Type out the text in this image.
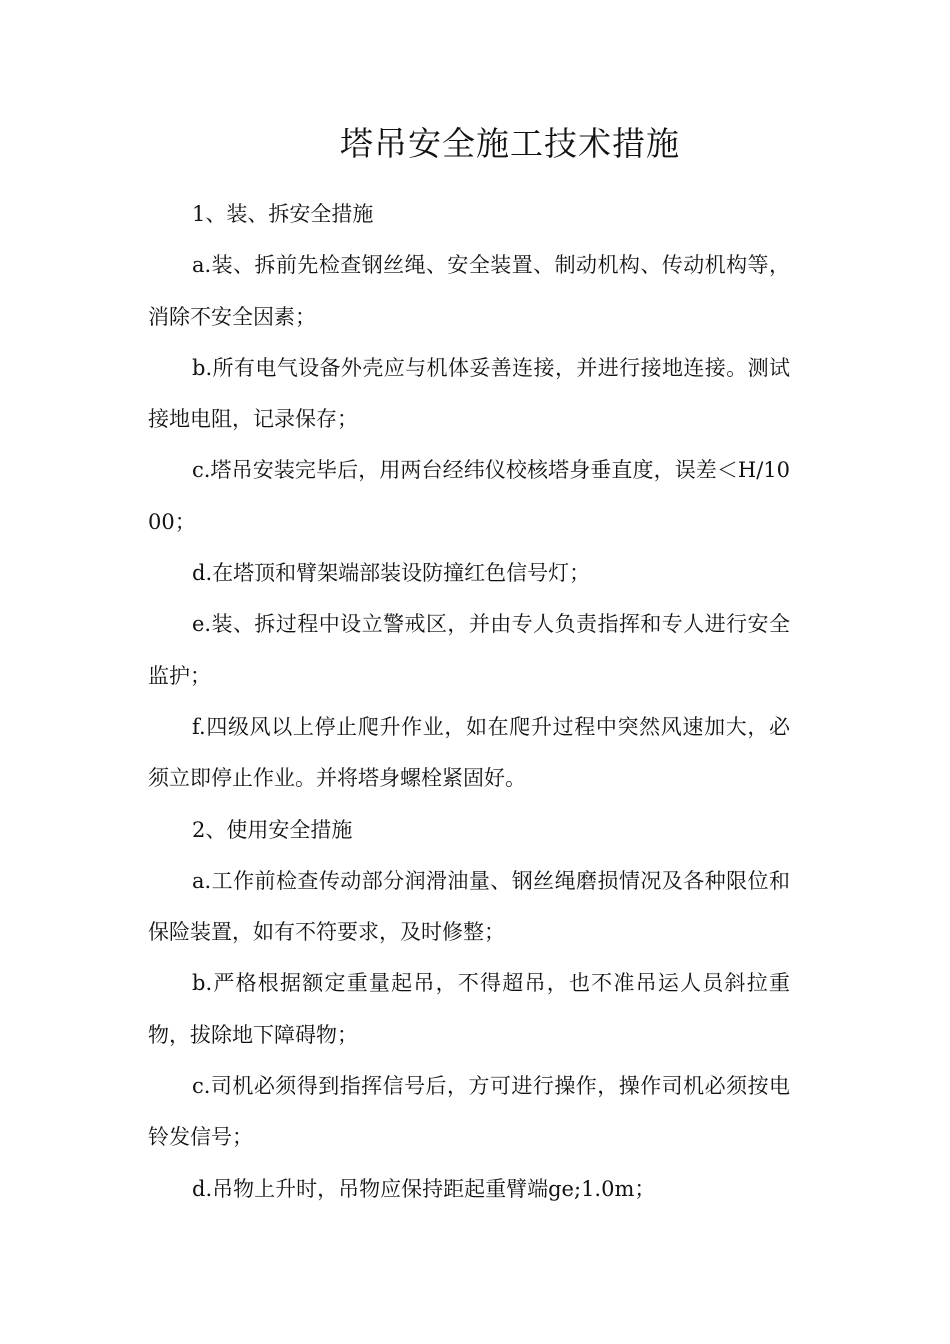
塔吊安全施工技术措施

1、装、拆安全措施

a.装、拆前先检查钢丝绳、安全装置、制动机构、传动机构等，消除不安全因素；

b.所有电气设备外壳应与机体妥善连接，并进行接地连接。测试接地电阻，记录保存；

c.塔吊安装完毕后，用两台经纬仪校核塔身垂直度，误差＜H/1000；

d.在塔顶和臂架端部装设防撞红色信号灯；

e.装、拆过程中设立警戒区，并由专人负责指挥和专人进行安全监护；

f.四级风以上停止爬升作业，如在爬升过程中突然风速加大，必须立即停止作业。并将塔身螺栓紧固好。

2、使用安全措施

a.工作前检查传动部分润滑油量、钢丝绳磨损情况及各种限位和保险装置，如有不符要求，及时修整；

b.严格根据额定重量起吊，不得超吊，也不准吊运人员斜拉重物，拔除地下障碍物；

c.司机必须得到指挥信号后，方可进行操作，操作司机必须按电铃发信号；

d.吊物上升时，吊物应保持距起重臂端ge;1.0m；
